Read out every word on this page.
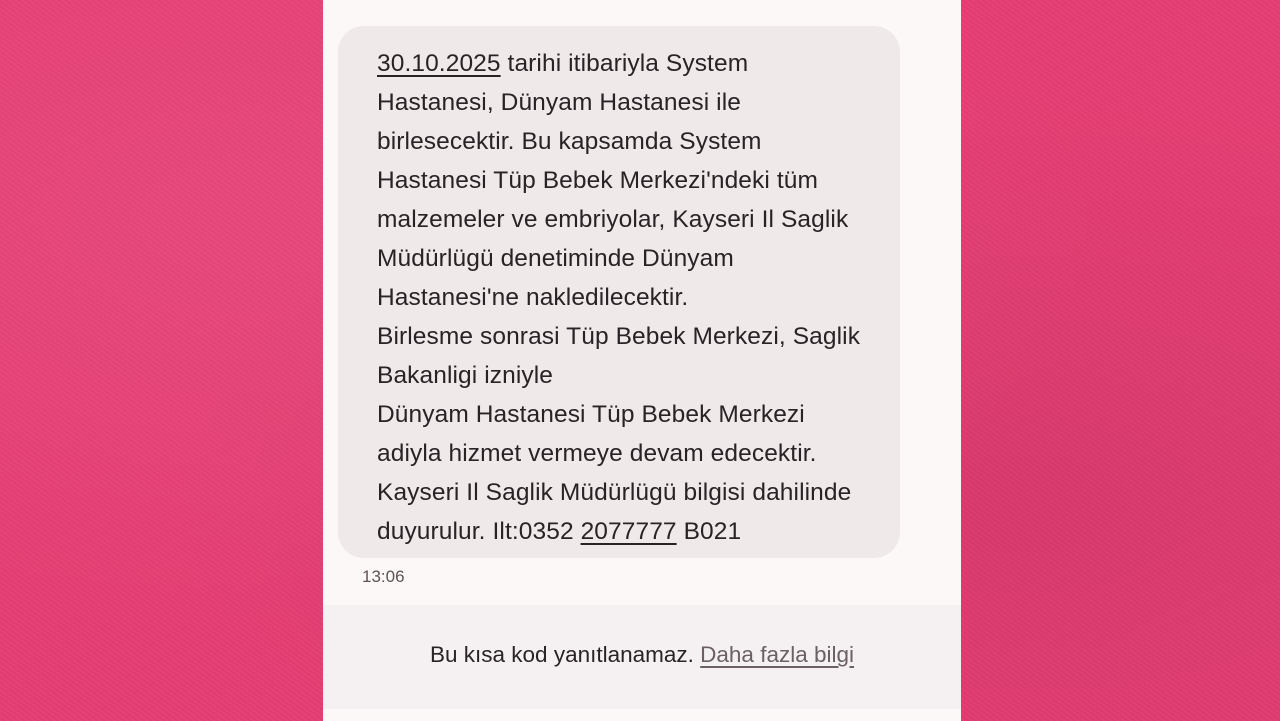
30.10.2025 tarihi itibariyla System
Hastanesi, Dünyam Hastanesi ile
birlesecektir. Bu kapsamda System
Hastanesi Tüp Bebek Merkezi'ndeki tüm
malzemeler ve embriyolar, Kayseri Il Saglik
Müdürlügü denetiminde Dünyam
Hastanesi'ne nakledilecektir.
Birlesme sonrasi Tüp Bebek Merkezi, Saglik
Bakanligi izniyle
Dünyam Hastanesi Tüp Bebek Merkezi
adiyla hizmet vermeye devam edecektir.
Kayseri Il Saglik Müdürlügü bilgisi dahilinde
duyurulur. Ilt:0352 2077777 B021

13:06
Bu kısa kod yanıtlanamaz. Daha fazla bilgi
